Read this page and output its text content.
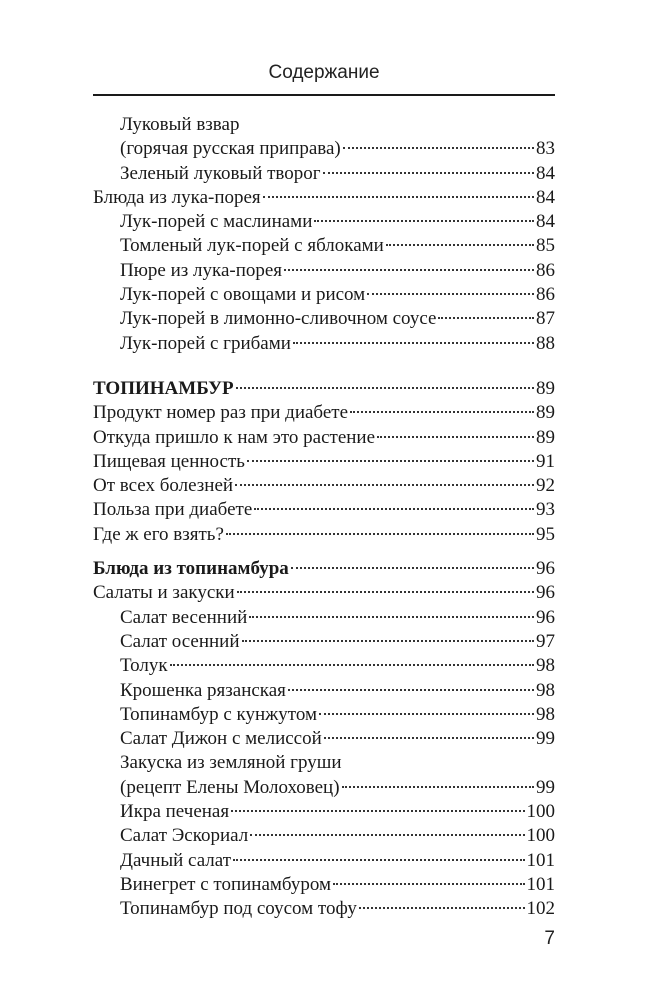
Содержание
Луковый взвар
(горячая русская приправа)	83
Зеленый луковый творог	84
Блюда из лука-порея	84
Лук-порей с маслинами	84
Томленый лук-порей с яблоками	85
Пюре из лука-порея	86
Лук-порей с овощами и рисом	86
Лук-порей в лимонно-сливочном соусе	87
Лук-порей с грибами	88
ТОПИНАМБУР	89
Продукт номер раз при диабете	89
Откуда пришло к нам это растение	89
Пищевая ценность	91
От всех болезней	92
Польза при диабете	93
Где ж его взять?	95
Блюда из топинамбура	96
Салаты и закуски	96
Салат весенний	96
Салат осенний	97
Толук	98
Крошенка рязанская	98
Топинамбур с кунжутом	98
Салат Дижон с мелиссой	99
Закуска из земляной груши
(рецепт Елены Молоховец)	99
Икра печеная	100
Салат Эскориал	100
Дачный салат	101
Винегрет с топинамбуром	101
Топинамбур под соусом тофу	102
7
